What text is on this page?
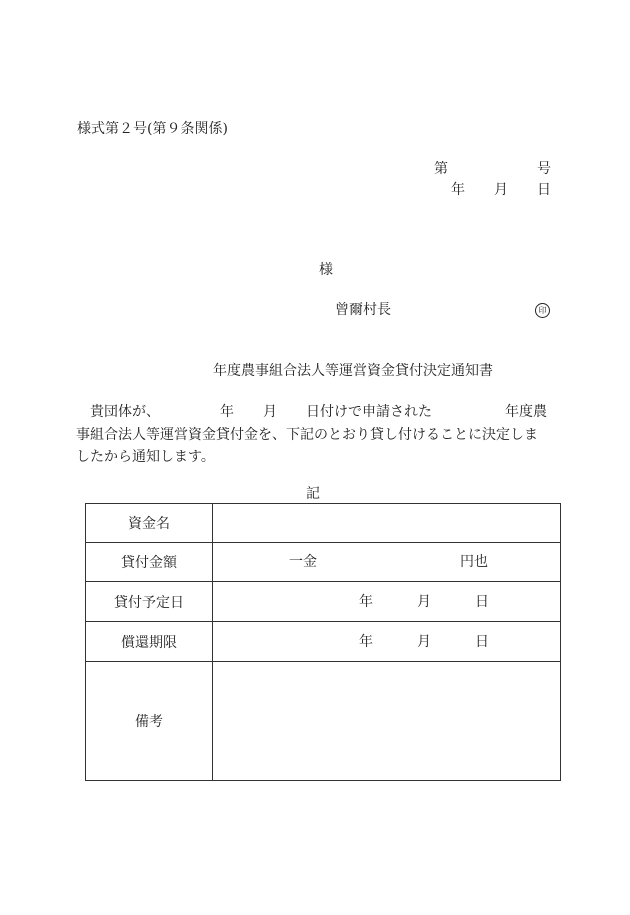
様式第２号(第９条関係)
第	号
年 月 日
様
曾爾村長	印
年度農事組合法人等運営資金貸付決定通知書
貴団体が、	年 月 日付けで申請された	年度農
事組合法人等運営資金貸付金を、下記のとおり貸し付けることに決定しま
したから通知します。
記
資金名	
貸付金額	一金 円也

貸付予定日	年 月 日

償還期限	年 月 日

備考	
